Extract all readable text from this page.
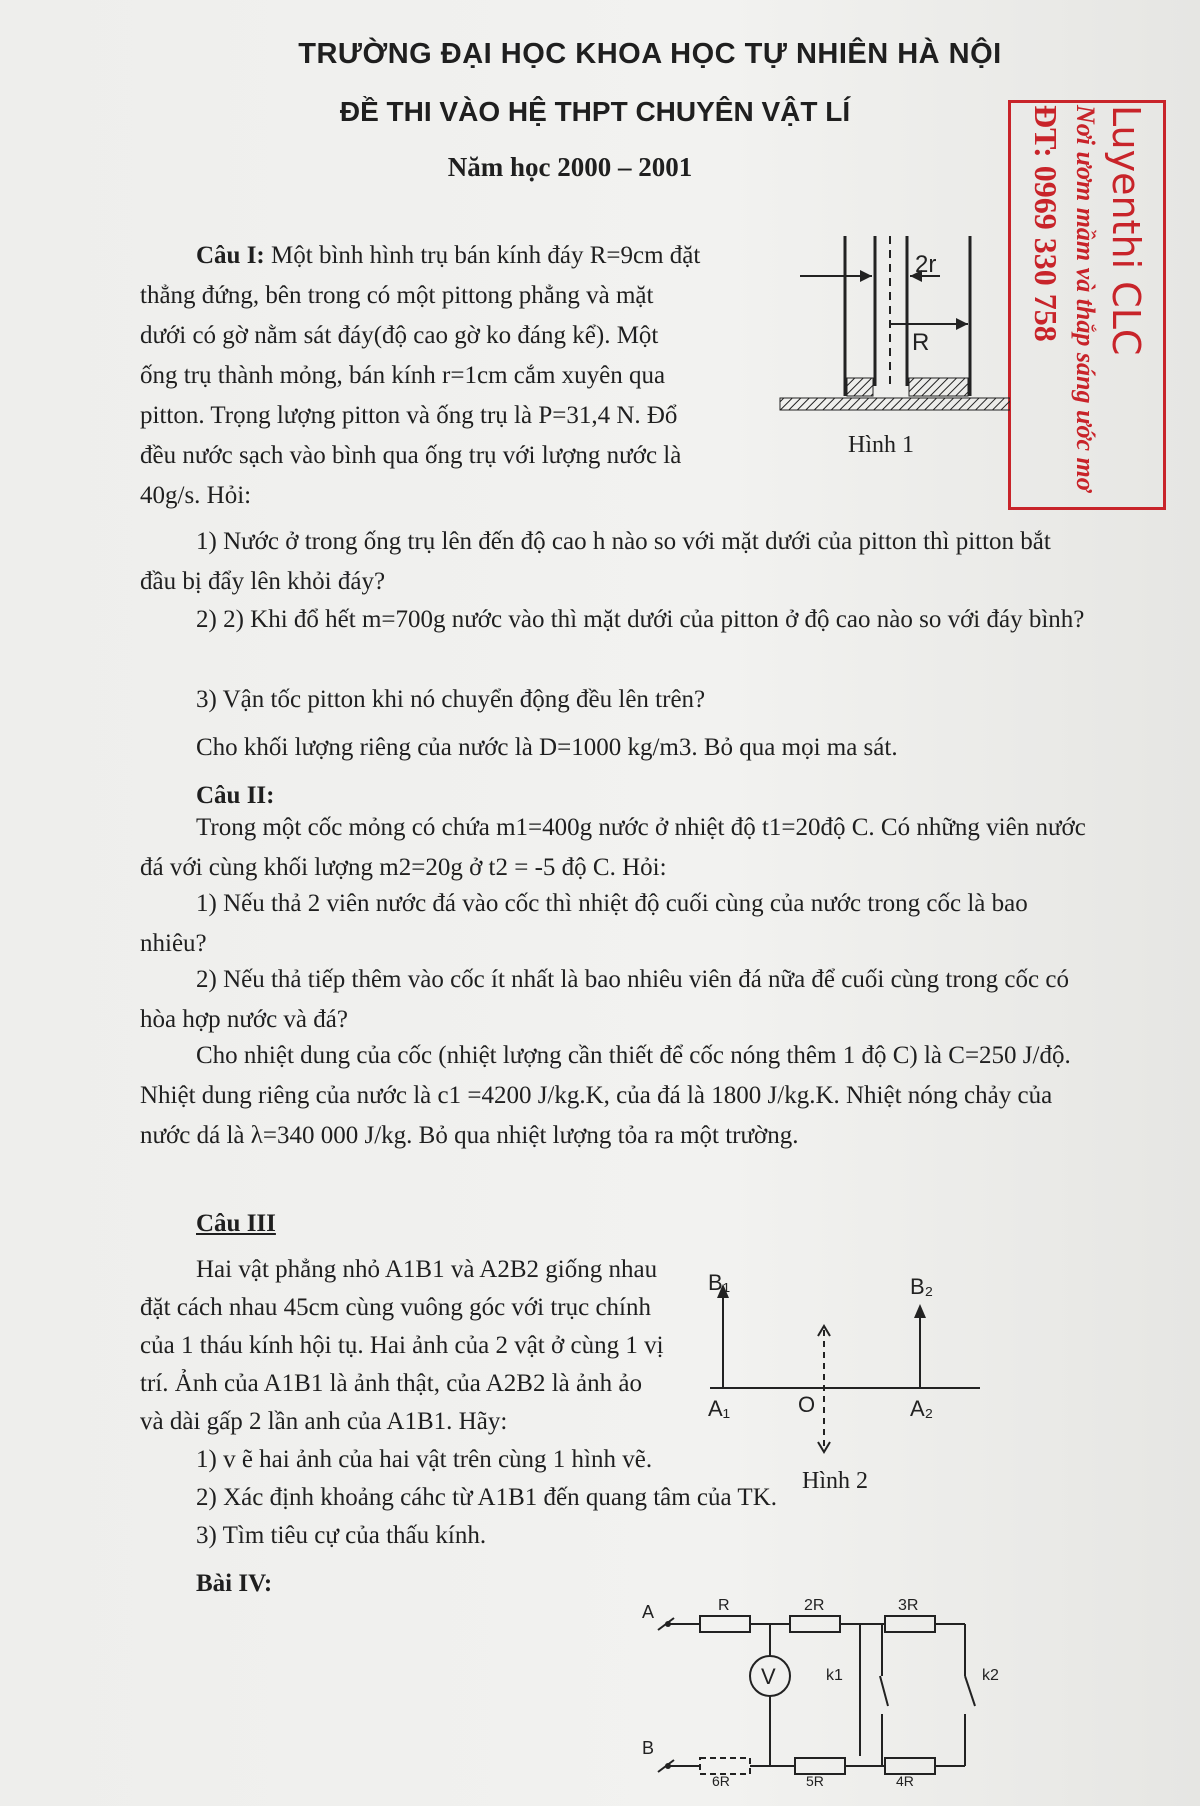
TRƯỜNG ĐẠI HỌC KHOA HỌC TỰ NHIÊN HÀ NỘI
ĐỀ THI VÀO HỆ THPT CHUYÊN VẬT LÍ
Năm học 2000 – 2001	Luyenthi CLC
Nơi ươm mầm và thắp sáng ước mơ
ĐT: 0969 330 758
Câu I: Một bình hình trụ bán kính đáy R=9cm đặt
thẳng đứng, bên trong có một pittong phẳng và mặt
dưới có gờ nằm sát đáy(độ cao gờ ko đáng kể). Một
ống trụ thành mỏng, bán kính r=1cm cắm xuyên qua
pitton. Trọng lượng pitton và ống trụ là P=31,4 N. Đổ
đều nước sạch vào bình qua ống trụ với lượng nước là
40g/s. Hỏi:
2r
R
Hình 1
1) Nước ở trong ống trụ lên đến độ cao h nào so với mặt dưới của pitton thì pitton bắt đầu bị đẩy lên khỏi đáy?
2) 2) Khi đổ hết m=700g nước vào thì mặt dưới của pitton ở độ cao nào so với đáy bình?
3) Vận tốc pitton khi nó chuyển động đều lên trên?
Cho khối lượng riêng của nước là D=1000 kg/m3. Bỏ qua mọi ma sát.
Câu II:
Trong một cốc mỏng có chứa m1=400g nước ở nhiệt độ t1=20độ C. Có những viên nước đá với cùng khối lượng m2=20g ở t2 = -5 độ C. Hỏi:
1) Nếu thả 2 viên nước đá vào cốc thì nhiệt độ cuối cùng của nước trong cốc là bao nhiêu?
2) Nếu thả tiếp thêm vào cốc ít nhất là bao nhiêu viên đá nữa để cuối cùng trong cốc có hòa hợp nước và đá?
Cho nhiệt dung của cốc (nhiệt lượng cần thiết để cốc nóng thêm 1 độ C) là C=250 J/độ. Nhiệt dung riêng của nước là c1 =4200 J/kg.K, của đá là 1800 J/kg.K. Nhiệt nóng chảy của nước dá là λ=340 000 J/kg. Bỏ qua nhiệt lượng tỏa ra một trường.
Câu III
Hai vật phẳng nhỏ A1B1 và A2B2 giống nhau
đặt cách nhau 45cm cùng vuông góc với trục chính
của 1 tháu kính hội tụ. Hai ảnh của 2 vật ở cùng 1 vị
trí. Ảnh của A1B1 là ảnh thật, của A2B2 là ảnh ảo
và dài gấp 2 lần anh của A1B1. Hãy:
1) v ẽ hai ảnh của hai vật trên cùng 1 hình vẽ.
2) Xác định khoảng cáhc từ A1B1 đến quang tâm của TK.
3) Tìm tiêu cự của thấu kính.
B₁	B₂
A₁	O	A₂
Hình 2
Bài IV:
A
B
R	2R	3R
V	k1	k2
6R	5R	4R
